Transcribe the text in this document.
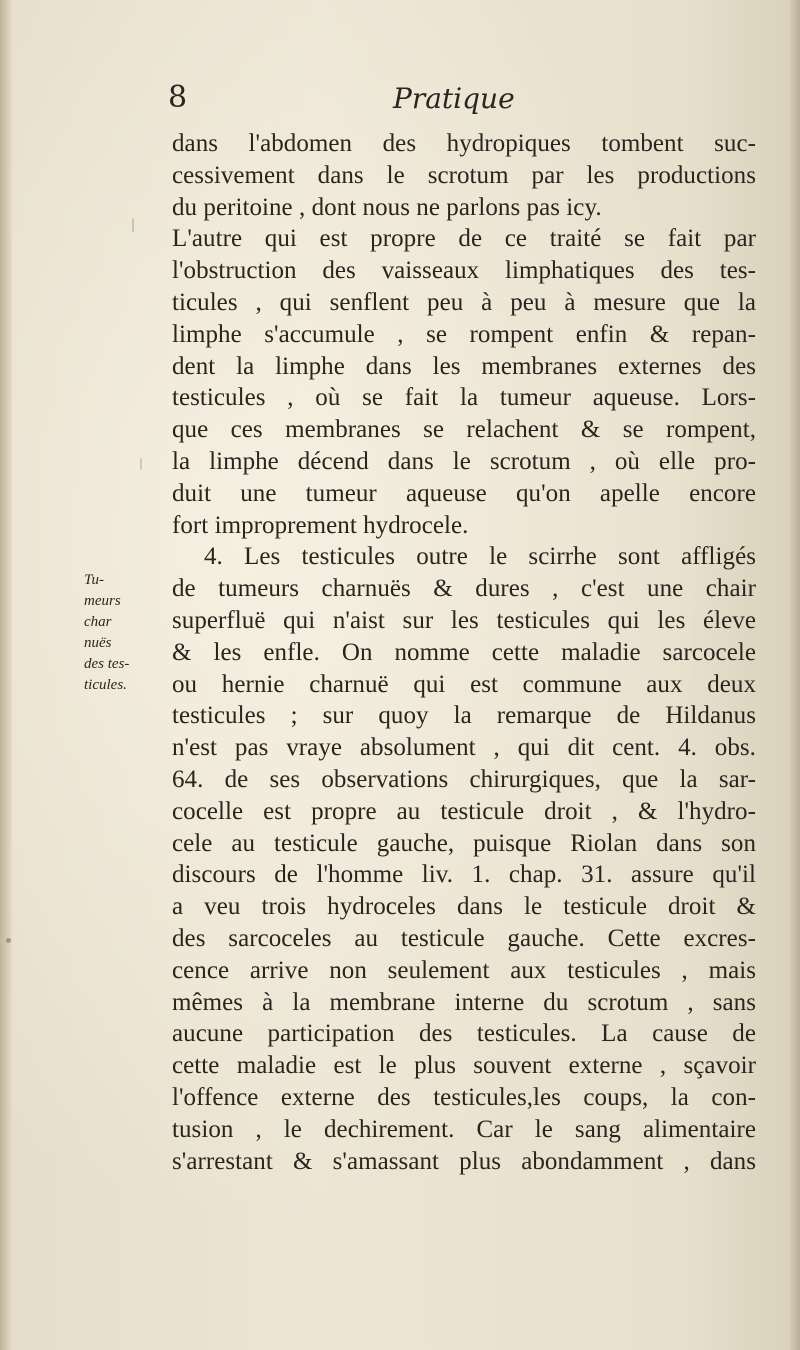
8	Pratique
Tu-
meurs
char
nuës
des tes-
ticules.
dans l'abdomen des hydropiques tombent suc-
cessivement dans le scrotum par les productions
du peritoine , dont nous ne parlons pas icy.
L'autre qui est propre de ce traité se fait par
l'obstruction des vaisseaux limphatiques des tes-
ticules , qui senflent peu à peu à mesure que la
limphe s'accumule , se rompent enfin & repan-
dent la limphe dans les membranes externes des
testicules , où se fait la tumeur aqueuse. Lors-
que ces membranes se relachent & se rompent,
la limphe décend dans le scrotum , où elle pro-
duit une tumeur aqueuse qu'on apelle encore
fort improprement hydrocele.
4. Les testicules outre le scirrhe sont affligés
de tumeurs charnuës & dures , c'est une chair
superfluë qui n'aist sur les testicules qui les éleve
& les enfle. On nomme cette maladie sarcocele
ou hernie charnuë qui est commune aux deux
testicules ; sur quoy la remarque de Hildanus
n'est pas vraye absolument , qui dit cent. 4. obs.
64. de ses observations chirurgiques, que la sar-
cocelle est propre au testicule droit , & l'hydro-
cele au testicule gauche, puisque Riolan dans son
discours de l'homme liv. 1. chap. 31. assure qu'il
a veu trois hydroceles dans le testicule droit &
des sarcoceles au testicule gauche. Cette excres-
cence arrive non seulement aux testicules , mais
mêmes à la membrane interne du scrotum , sans
aucune participation des testicules. La cause de
cette maladie est le plus souvent externe , sçavoir
l'offence externe des testicules,les coups, la con-
tusion , le dechirement. Car le sang alimentaire
s'arrestant & s'amassant plus abondamment , dans
